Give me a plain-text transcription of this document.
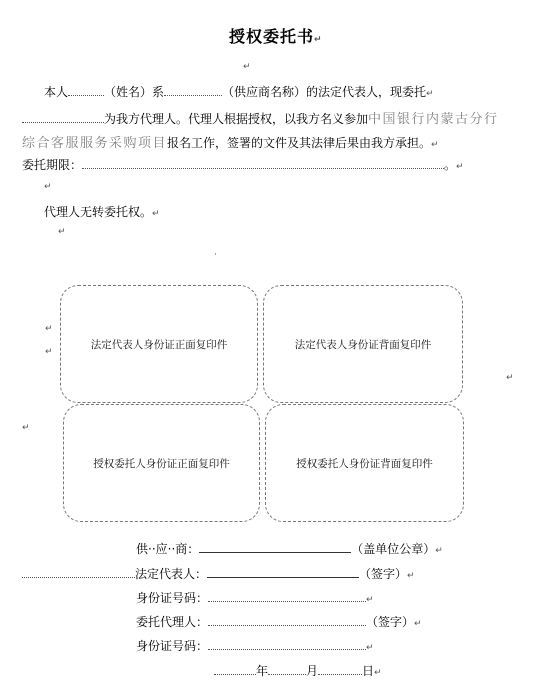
授权委托书↵
↵
本人	（姓名）系	（供应商名称）的法定代表人，现委托↵
为我方代理人。代理人根据授权，以我方名义参加中国银行内蒙古分行
综合客服服务采购项目报名工作，签署的文件及其法律后果由我方承担。↵
委托期限：	。↵
↵
代理人无转委托权。↵
↵
·
↵
↵
↵
↵
法定代表人身份证正面复印件	法定代表人身份证背面复印件
授权委托人身份证正面复印件	授权委托人身份证背面复印件
供··应··商：	（盖单位公章）↵
法定代表人：	（签字）↵
身份证号码：	↵
委托代理人：	（签字）↵
身份证号码：	↵
年	月	日↵
